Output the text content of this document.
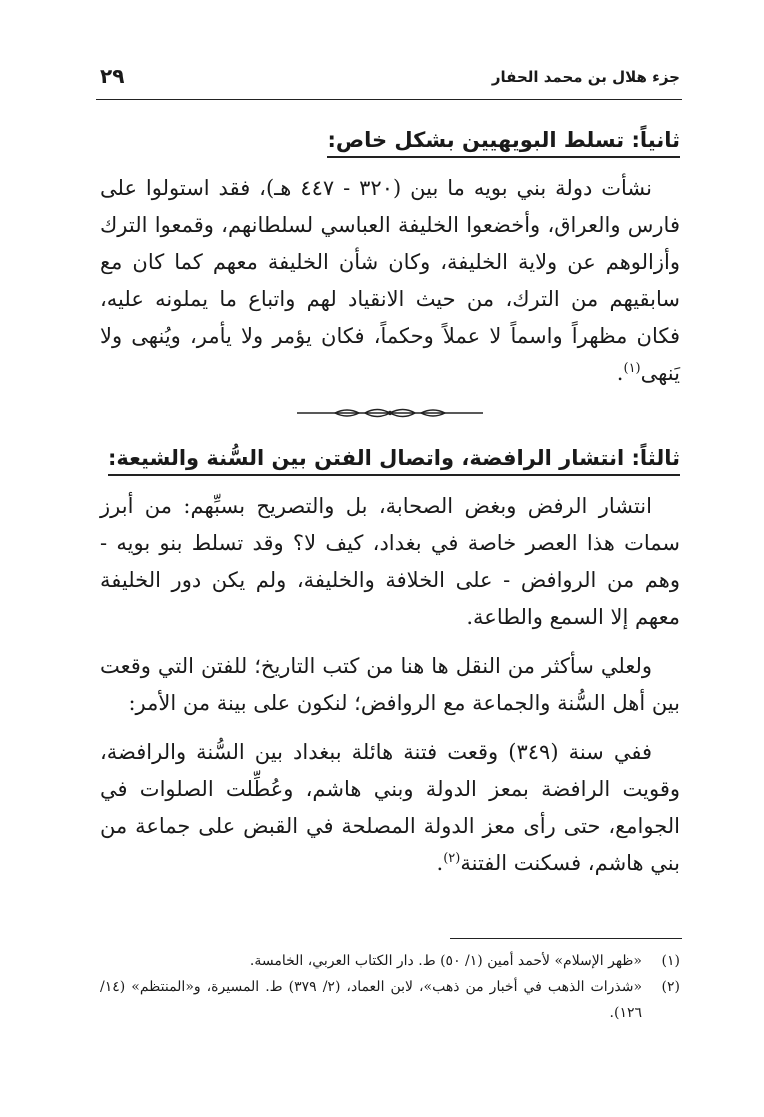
جزء هلال بن محمد الحفار
٢٩
ثانياً: تسلط البويهيين بشكل خاص:

نشأت دولة بني بويه ما بين (٣٢٠ - ٤٤٧ هـ)، فقد استولوا على فارس والعراق، وأخضعوا الخليفة العباسي لسلطانهم، وقمعوا الترك وأزالوهم عن ولاية الخليفة، وكان شأن الخليفة معهم كما كان مع سابقيهم من الترك، من حيث الانقياد لهم واتباع ما يملونه عليه، فكان مظهراً واسماً لا عملاً وحكماً، فكان يؤمر ولا يأمر، ويُنهى ولا يَنهى$^{(١)}$.

ثالثاً: انتشار الرافضة، واتصال الفتن بين السُّنة والشيعة:

انتشار الرفض وبغض الصحابة، بل والتصريح بسبِّهم: من أبرز سمات هذا العصر خاصة في بغداد، كيف لا؟ وقد تسلط بنو بويه - وهم من الروافض - على الخلافة والخليفة، ولم يكن دور الخليفة معهم إلا السمع والطاعة.

ولعلي سأكثر من النقل ها هنا من كتب التاريخ؛ للفتن التي وقعت بين أهل السُّنة والجماعة مع الروافض؛ لنكون على بينة من الأمر:

ففي سنة (٣٤٩) وقعت فتنة هائلة ببغداد بين السُّنة والرافضة، وقويت الرافضة بمعز الدولة وبني هاشم، وعُطِّلت الصلوات في الجوامع، حتى رأى معز الدولة المصلحة في القبض على جماعة من بني هاشم، فسكنت الفتنة$^{(٢)}$.

(١)
«ظهر الإسلام» لأحمد أمين (١/ ٥٠) ط. دار الكتاب العربي، الخامسة.
(٢)
«شذرات الذهب في أخبار من ذهب»، لابن العماد، (٢/ ٣٧٩) ط. المسيرة، و«المنتظم» (١٤/ ١٢٦).
